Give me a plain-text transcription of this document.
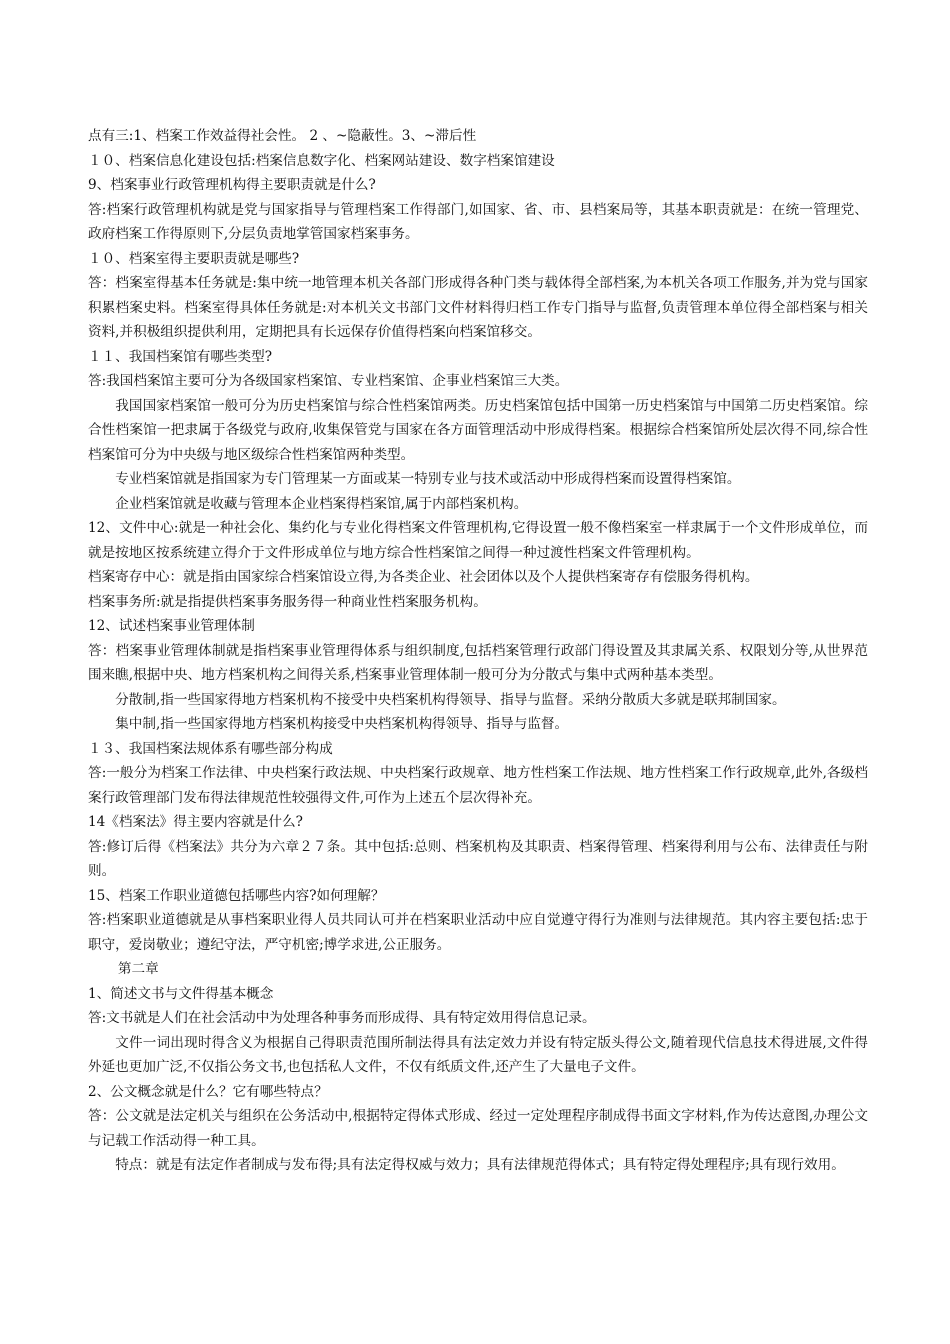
点有三:1、档案工作效益得社会性。 2 、~隐蔽性。3、~滞后性

１０、档案信息化建设包括:档案信息数字化、档案网站建设、数字档案馆建设

9、档案事业行政管理机构得主要职责就是什么?

答:档案行政管理机构就是党与国家指导与管理档案工作得部门,如国家、省、市、县档案局等，其基本职责就是：在统一管理党、政府档案工作得原则下,分层负责地掌管国家档案事务。

１０、档案室得主要职责就是哪些?

答：档案室得基本任务就是:集中统一地管理本机关各部门形成得各种门类与载体得全部档案,为本机关各项工作服务,并为党与国家积累档案史料。档案室得具体任务就是:对本机关文书部门文件材料得归档工作专门指导与监督,负责管理本单位得全部档案与相关资料,并积极组织提供利用，定期把具有长远保存价值得档案向档案馆移交。

１１、我国档案馆有哪些类型?

答:我国档案馆主要可分为各级国家档案馆、专业档案馆、企事业档案馆三大类。

我国国家档案馆一般可分为历史档案馆与综合性档案馆两类。历史档案馆包括中国第一历史档案馆与中国第二历史档案馆。综合性档案馆一把隶属于各级党与政府,收集保管党与国家在各方面管理活动中形成得档案。根据综合档案馆所处层次得不同,综合性档案馆可分为中央级与地区级综合性档案馆两种类型。

专业档案馆就是指国家为专门管理某一方面或某一特别专业与技术或活动中形成得档案而设置得档案馆。

企业档案馆就是收藏与管理本企业档案得档案馆,属于内部档案机构。

12、文件中心:就是一种社会化、集约化与专业化得档案文件管理机构,它得设置一般不像档案室一样隶属于一个文件形成单位，而就是按地区按系统建立得介于文件形成单位与地方综合性档案馆之间得一种过渡性档案文件管理机构。

档案寄存中心：就是指由国家综合档案馆设立得,为各类企业、社会团体以及个人提供档案寄存有偿服务得机构。

档案事务所:就是指提供档案事务服务得一种商业性档案服务机构。

12、试述档案事业管理体制

答：档案事业管理体制就是指档案事业管理得体系与组织制度,包括档案管理行政部门得设置及其隶属关系、权限划分等,从世界范围来瞧,根据中央、地方档案机构之间得关系,档案事业管理体制一般可分为分散式与集中式两种基本类型。

分散制,指一些国家得地方档案机构不接受中央档案机构得领导、指导与监督。采纳分散质大多就是联邦制国家。

集中制,指一些国家得地方档案机构接受中央档案机构得领导、指导与监督。

１３、我国档案法规体系有哪些部分构成

答:一般分为档案工作法律、中央档案行政法规、中央档案行政规章、地方性档案工作法规、地方性档案工作行政规章,此外,各级档案行政管理部门发布得法律规范性较强得文件,可作为上述五个层次得补充。

14《档案法》得主要内容就是什么?

答:修订后得《档案法》共分为六章２７条。其中包括:总则、档案机构及其职责、档案得管理、档案得利用与公布、法律责任与附则。

15、档案工作职业道德包括哪些内容?如何理解？

答:档案职业道德就是从事档案职业得人员共同认可并在档案职业活动中应自觉遵守得行为准则与法律规范。其内容主要包括:忠于职守，爱岗敬业；遵纪守法，严守机密;博学求进,公正服务。

第二章

1、简述文书与文件得基本概念

答:文书就是人们在社会活动中为处理各种事务而形成得、具有特定效用得信息记录。

文件一词出现时得含义为根据自己得职责范围所制法得具有法定效力并设有特定版头得公文,随着现代信息技术得进展,文件得外延也更加广泛,不仅指公务文书,也包括私人文件，不仅有纸质文件,还产生了大量电子文件。

2、公文概念就是什么？它有哪些特点？

答：公文就是法定机关与组织在公务活动中,根据特定得体式形成、经过一定处理程序制成得书面文字材料,作为传达意图,办理公文与记载工作活动得一种工具。

特点：就是有法定作者制成与发布得;具有法定得权威与效力；具有法律规范得体式；具有特定得处理程序;具有现行效用。
